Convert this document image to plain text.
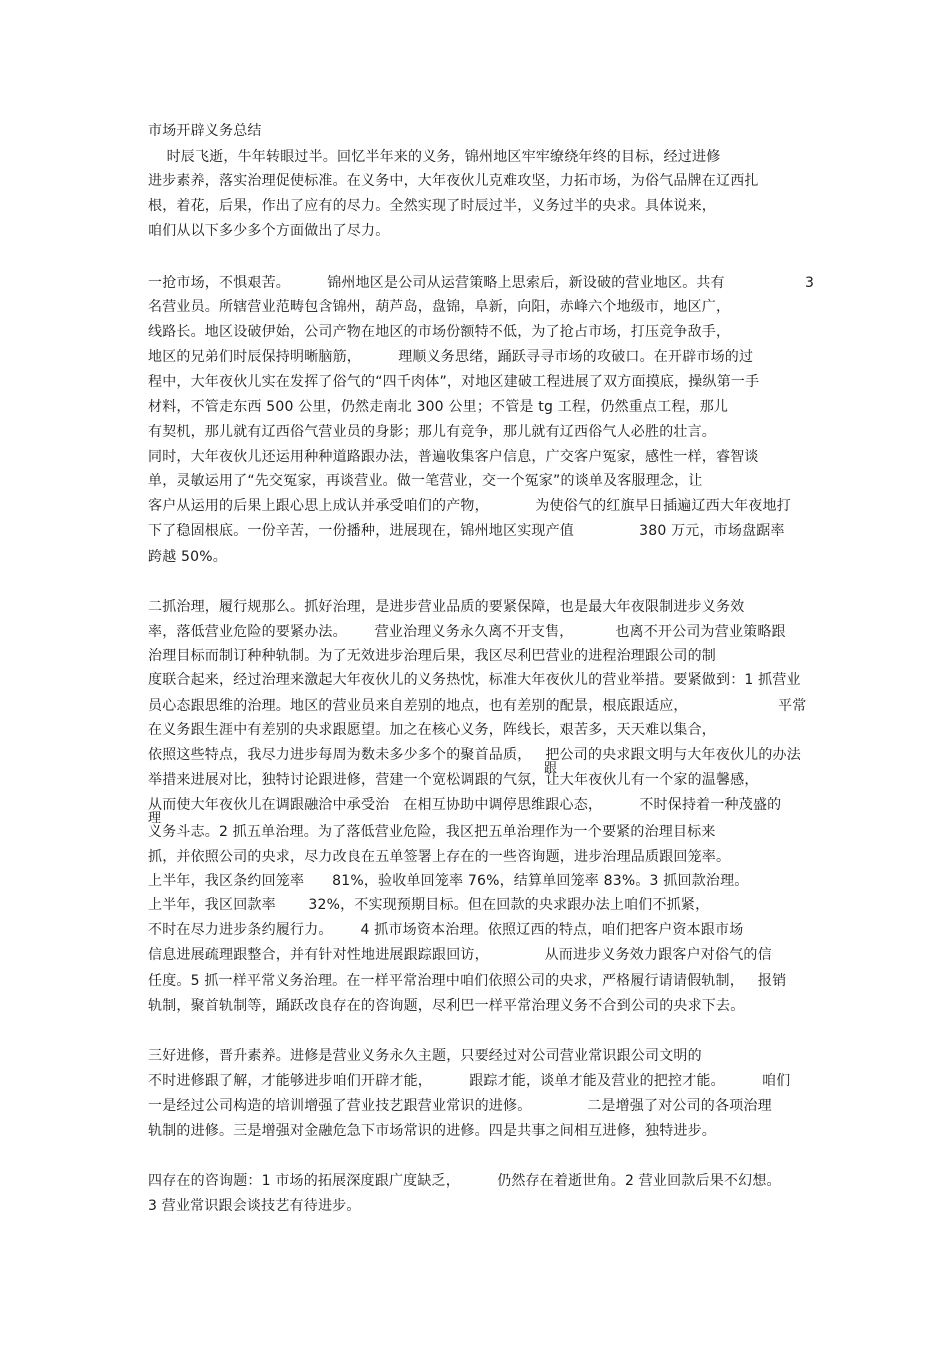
市场开辟义务总结
时辰飞逝，牛年转眼过半。回忆半年来的义务，锦州地区牢牢缭绕年终的目标，经过进修
进步素养，落实治理促使标准。在义务中，大年夜伙儿克难攻坚，力拓市场，为俗气品牌在辽西扎
根，着花，后果，作出了应有的尽力。全然实现了时辰过半，义务过半的央求。具体说来，
咱们从以下多少多个方面做出了尽力。
一抢市场，不惧艰苦。        锦州地区是公司从运营策略上思索后，新设破的营业地区。共有	3
名营业员。所辖营业范畴包含锦州，葫芦岛，盘锦，阜新，向阳，赤峰六个地级市，地区广，
线路长。地区设破伊始，公司产物在地区的市场份额特不低，为了抢占市场，打压竞争敌手，
地区的兄弟们时辰保持明晰脑筋，        理顺义务思绪，踊跃寻寻市场的攻破口。在开辟市场的过
程中，大年夜伙儿实在发挥了俗气的“四千肉体”，对地区建破工程进展了双方面摸底，操纵第一手
材料，不管走东西 500 公里，仍然走南北 300 公里；不管是 tg 工程，仍然重点工程，那儿
有契机，那儿就有辽西俗气营业员的身影；那儿有竞争，那儿就有辽西俗气人必胜的壮言。
同时，大年夜伙儿还运用种种道路跟办法，普遍收集客户信息，广交客户冤家，感性一样，睿智谈
单，灵敏运用了“先交冤家，再谈营业。做一笔营业，交一个冤家”的谈单及客服理念，让
客户从运用的后果上跟心思上成认并承受咱们的产物，          为使俗气的红旗早日插遍辽西大年夜地打
下了稳固根底。一份辛苦，一份播种，进展现在，锦州地区实现产值              380 万元，市场盘踞率
跨越 50%。
二抓治理，履行规那么。抓好治理，是进步营业品质的要紧保障，也是最大年夜限制进步义务效
率，落低营业危险的要紧办法。      营业治理义务永久离不开支售，         也离不开公司为营业策略跟
治理目标而制订种种轨制。为了无效进步治理后果，我区尽利巴营业的进程治理跟公司的制
度联合起来，经过治理来激起大年夜伙儿的义务热忱，标准大年夜伙儿的营业举措。要紧做到：1 抓营业
员心态跟思维的治理。地区的营业员来自差别的地点，也有差别的配景，根底跟适应，	平常
在义务跟生涯中有差别的央求跟愿望。加之在核心义务，阵线长，艰苦多，天天难以集合，
依照这些特点，我尽力进步每周为数未多少多个的聚首品质，   把公司的央求跟文明与大年夜伙儿的办法
跟
举措来进展对比，独特讨论跟进修，营建一个宽松调跟的气氛，让大年夜伙儿有一个家的温馨感，
从而使大年夜伙儿在调跟融洽中承受治   在相互协助中调停思维跟心态，        不时保持着一种茂盛的
理
义务斗志。2 抓五单治理。为了落低营业危险，我区把五单治理作为一个要紧的治理目标来
抓，并依照公司的央求，尽力改良在五单签署上存在的一些咨询题，进步治理品质跟回笼率。
上半年，我区条约回笼率      81%，验收单回笼率 76%，结算单回笼率 83%。3 抓回款治理。
上半年，我区回款率       32%，不实现预期目标。但在回款的央求跟办法上咱们不抓紧，
不时在尽力进步条约履行力。      4 抓市场资本治理。依照辽西的特点，咱们把客户资本跟市场
信息进展疏理跟整合，并有针对性地进展跟踪跟回访，            从而进步义务效力跟客户对俗气的信
任度。5 抓一样平常义务治理。在一样平常治理中咱们依照公司的央求，严格履行请请假轨制，   报销
轨制，聚首轨制等，踊跃改良存在的咨询题，尽利巴一样平常治理义务不合到公司的央求下去。
三好进修，晋升素养。进修是营业义务永久主题，只要经过对公司营业常识跟公司文明的
不时进修跟了解，才能够进步咱们开辟才能，        跟踪才能，谈单才能及营业的把控才能。        咱们
一是经过公司构造的培训增强了营业技艺跟营业常识的进修。            二是增强了对公司的各项治理
轨制的进修。三是增强对金融危急下市场常识的进修。四是共事之间相互进修，独特进步。
四存在的咨询题：1 市场的拓展深度跟广度缺乏，        仍然存在着逝世角。2 营业回款后果不幻想。
3 营业常识跟会谈技艺有待进步。
